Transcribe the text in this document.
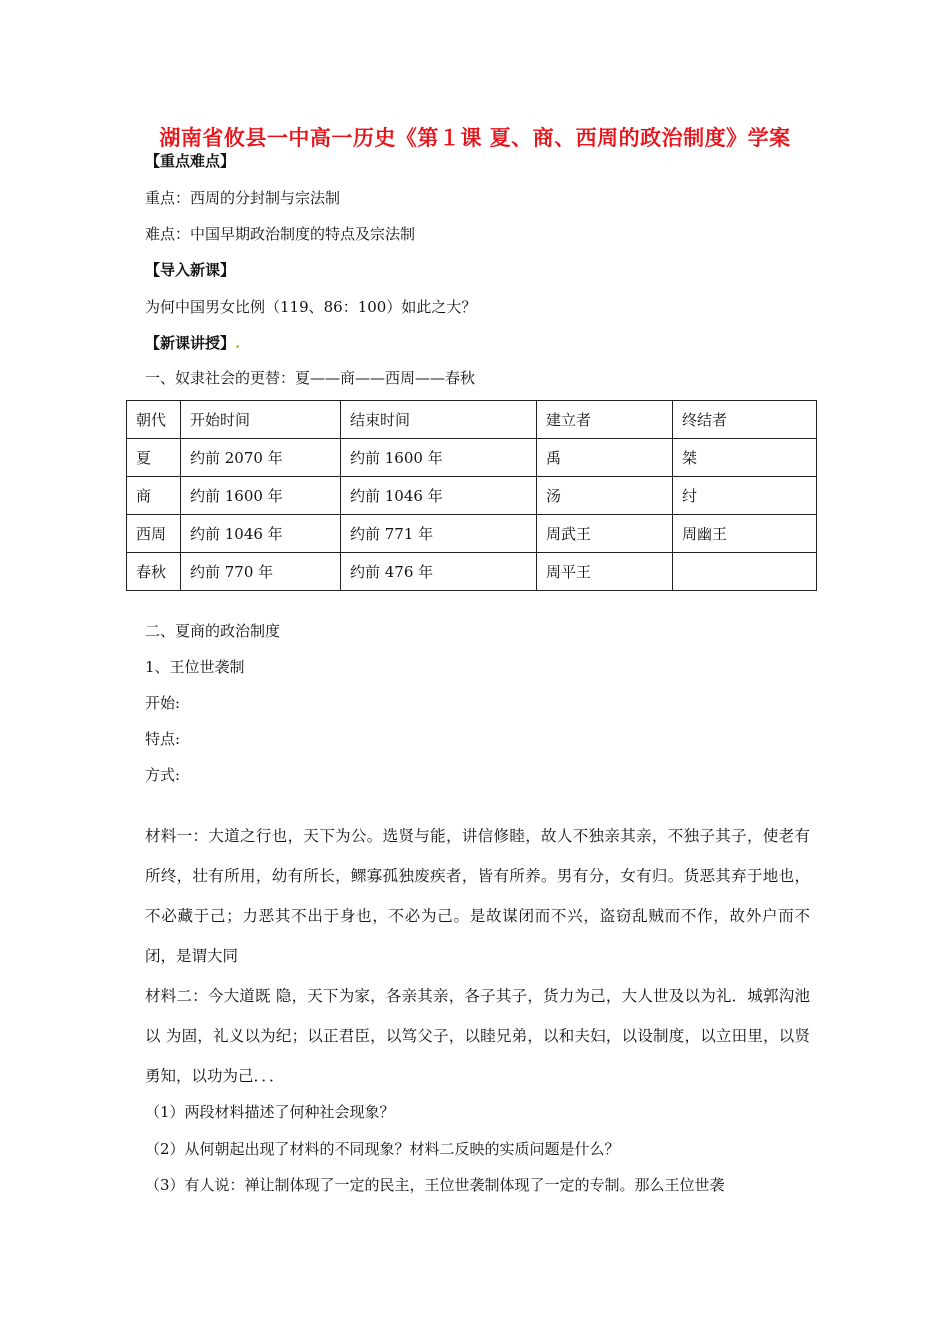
湖南省攸县一中高一历史《第１课 夏、商、西周的政治制度》学案
【重点难点】
重点：西周的分封制与宗法制
难点：中国早期政治制度的特点及宗法制
【导入新课】
为何中国男女比例（119、86：100）如此之大？
【新课讲授】.
一、奴隶社会的更替：夏——商——西周——春秋
朝代	开始时间	结束时间	建立者	终结者
夏	约前 2070 年	约前 1600 年	禹	桀
商	约前 1600 年	约前 1046 年	汤	纣
西周	约前 1046 年	约前 771 年	周武王	周幽王
春秋	约前 770 年	约前 476 年	周平王	
二、夏商的政治制度
1、王位世袭制
开始:
特点:
方式:
材料一：大道之行也，天下为公。选贤与能，讲信修睦，故人不独亲其亲，不独子其子，使老有所终，壮有所用，幼有所长，鳏寡孤独废疾者，皆有所养。男有分，女有归。货恶其弃于地也，不必藏于己；力恶其不出于身也，不必为己。是故谋闭而不兴，盗窃乱贼而不作，故外户而不闭，是谓大同
材料二：今大道既 隐，天下为家，各亲其亲，各子其子，货力为己，大人世及以为礼．城郭沟池以 为固，礼义以为纪；以正君臣，以笃父子，以睦兄弟，以和夫妇，以设制度，以立田里，以贤勇知，以功为己．．．
（1）两段材料描述了何种社会现象？
（2）从何朝起出现了材料的不同现象？材料二反映的实质问题是什么？
（3）有人说：禅让制体现了一定的民主，王位世袭制体现了一定的专制。那么王位世袭
